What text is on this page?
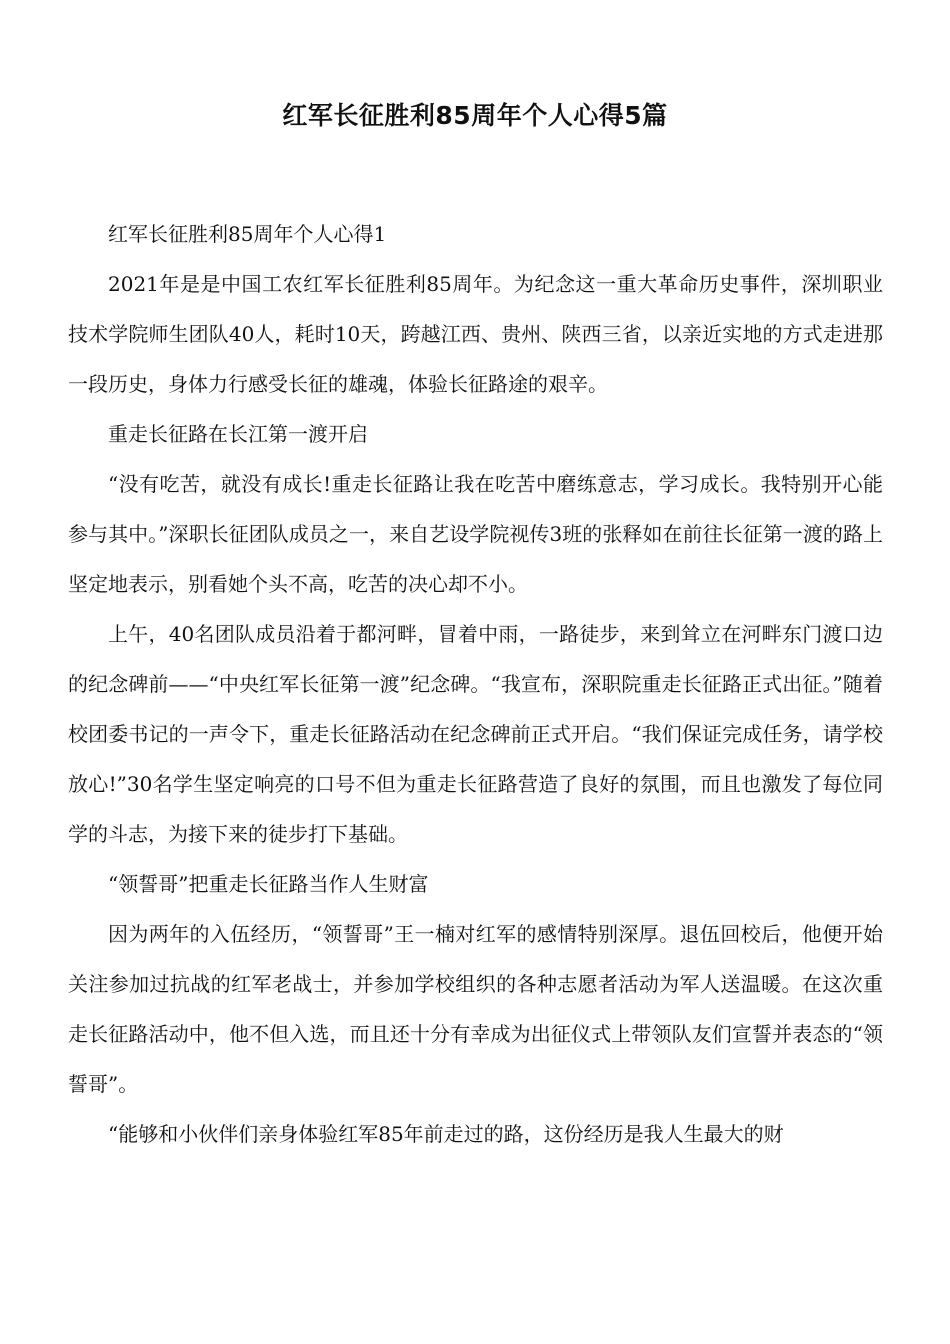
红军长征胜利85周年个人心得5篇

红军长征胜利85周年个人心得1

2021年是是中国工农红军长征胜利85周年。为纪念这一重大革命历史事件，深圳职业技术学院师生团队40人，耗时10天，跨越江西、贵州、陕西三省，以亲近实地的方式走进那一段历史，身体力行感受长征的雄魂，体验长征路途的艰辛。

重走长征路在长江第一渡开启

“没有吃苦，就没有成长!重走长征路让我在吃苦中磨练意志，学习成长。我特别开心能参与其中。”深职长征团队成员之一，来自艺设学院视传3班的张释如在前往长征第一渡的路上坚定地表示，别看她个头不高，吃苦的决心却不小。

上午，40名团队成员沿着于都河畔，冒着中雨，一路徒步，来到耸立在河畔东门渡口边的纪念碑前——“中央红军长征第一渡”纪念碑。“我宣布，深职院重走长征路正式出征。”随着校团委书记的一声令下，重走长征路活动在纪念碑前正式开启。“我们保证完成任务，请学校放心!”30名学生坚定响亮的口号不但为重走长征路营造了良好的氛围，而且也激发了每位同学的斗志，为接下来的徒步打下基础。

“领誓哥”把重走长征路当作人生财富

因为两年的入伍经历，“领誓哥”王一楠对红军的感情特别深厚。退伍回校后，他便开始关注参加过抗战的红军老战士，并参加学校组织的各种志愿者活动为军人送温暖。在这次重走长征路活动中，他不但入选，而且还十分有幸成为出征仪式上带领队友们宣誓并表态的“领誓哥”。

“能够和小伙伴们亲身体验红军85年前走过的路，这份经历是我人生最大的财
